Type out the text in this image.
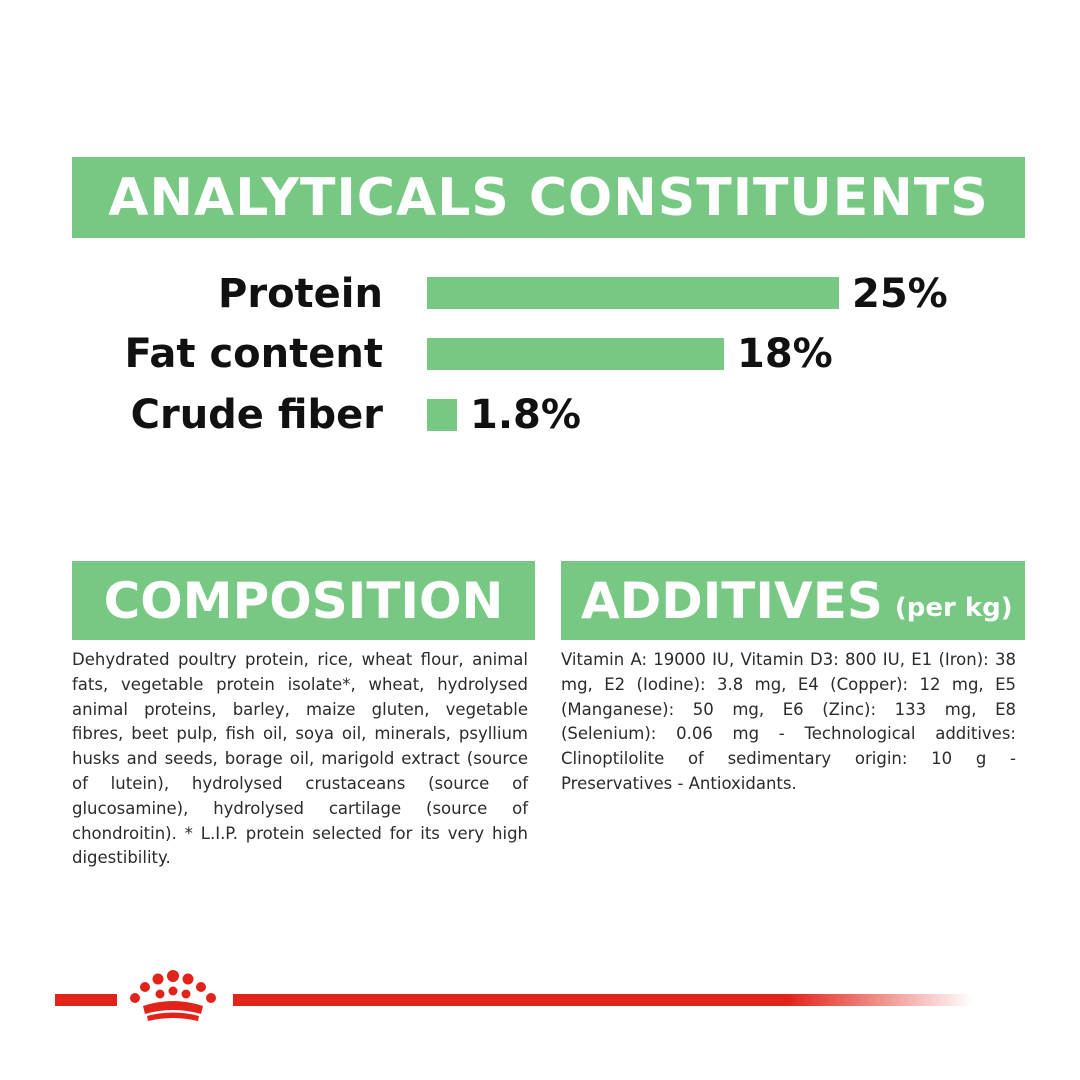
ANALYTICALS CONSTITUENTS
Protein	25%
Fat content	18%
Crude fiber 1.8%
COMPOSITION ADDITIVES (per kg)
Dehydrated poultry protein, rice, wheat flour, animal fats, vegetable protein isolate*, wheat, hydrolysed animal proteins, barley, maize gluten, vegetable fibres, beet pulp, fish oil, soya oil, minerals, psyllium husks and seeds, borage oil, marigold extract (source of lutein), hydrolysed crustaceans (source of glucosamine), hydrolysed cartilage (source of chondroitin). * L.I.P. protein selected for its very high digestibility.
Vitamin A: 19000 IU, Vitamin D3: 800 IU, E1 (Iron): 38 mg, E2 (Iodine): 3.8 mg, E4 (Copper): 12 mg, E5 (Manganese): 50 mg, E6 (Zinc): 133 mg, E8 (Selenium): 0.06 mg - Technological additives: Clinoptilolite of sedimentary origin: 10 g - Preservatives - Antioxidants.
